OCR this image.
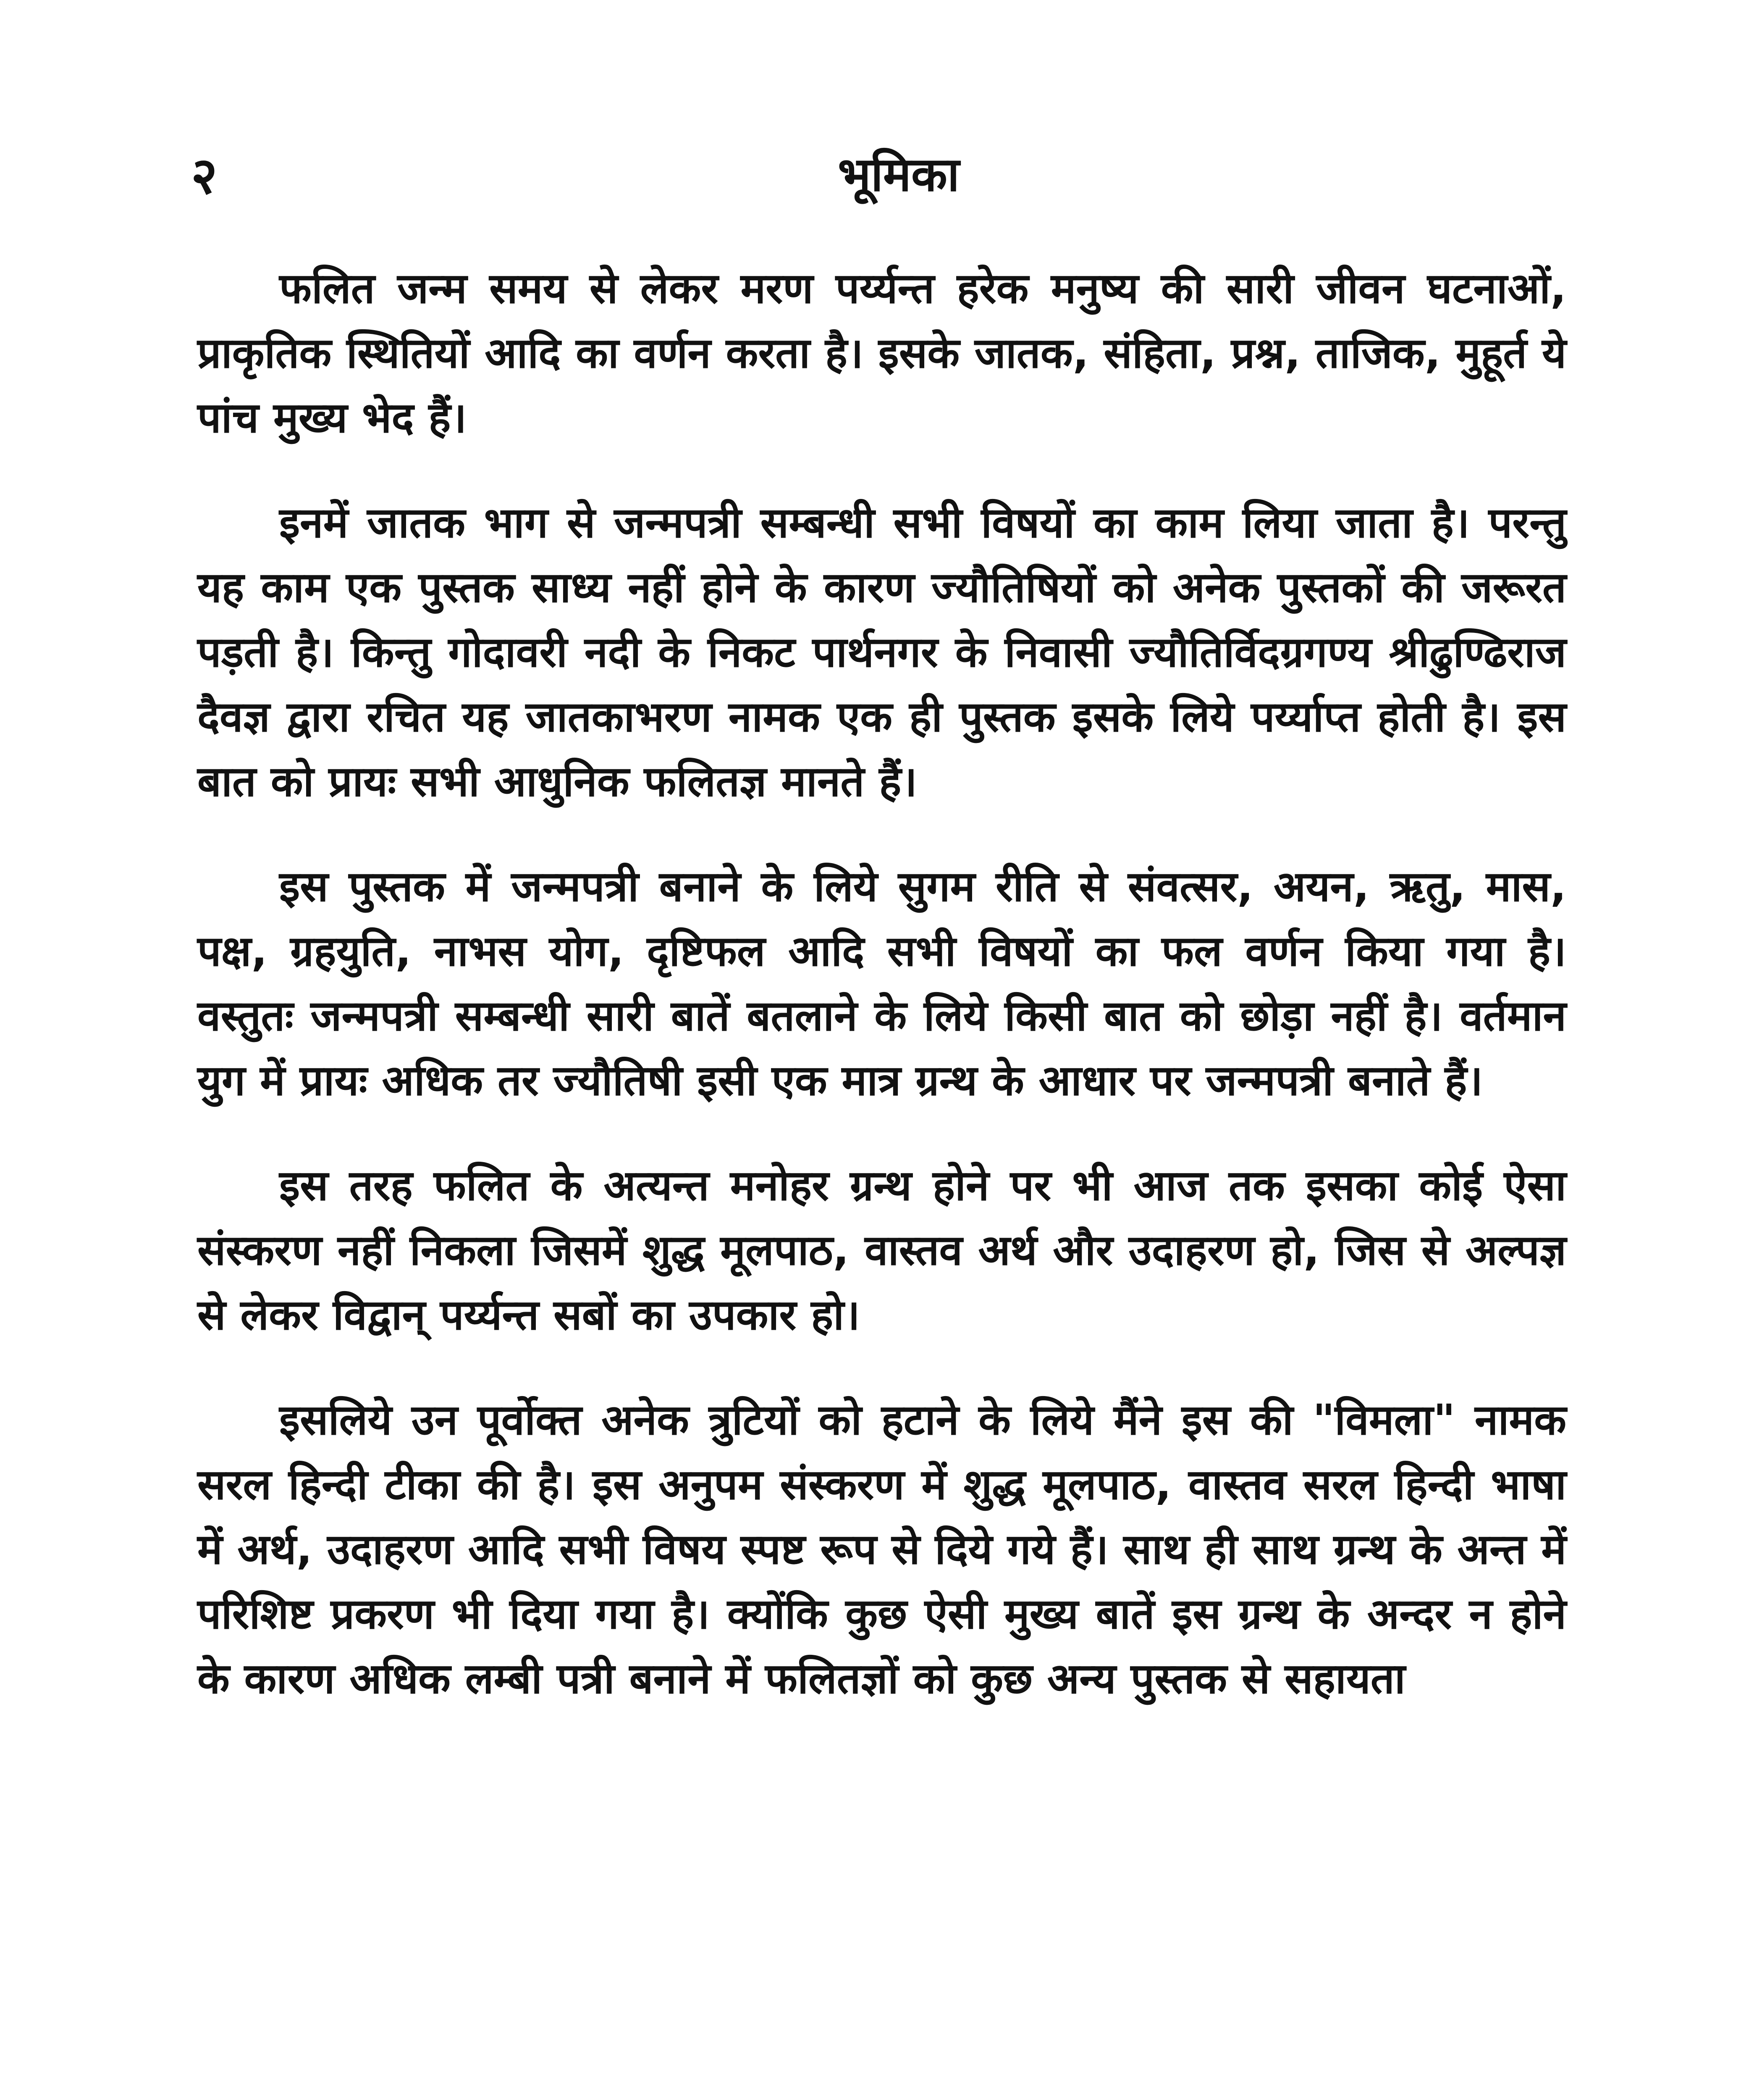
२	भूमिका

फलित जन्म समय से लेकर मरण पर्य्यन्त हरेक मनुष्य की सारी जीवन घटनाओं, प्राकृतिक स्थितियों आदि का वर्णन करता है। इसके जातक, संहिता, प्रश्न, ताजिक, मुहूर्त ये पांच मुख्य भेद हैं।

इनमें जातक भाग से जन्मपत्री सम्बन्धी सभी विषयों का काम लिया जाता है। परन्तु यह काम एक पुस्तक साध्य नहीं होने के कारण ज्यौतिषियों को अनेक पुस्तकों की जरूरत पड़ती है। किन्तु गोदावरी नदी के निकट पार्थनगर के निवासी ज्यौतिर्विदग्रगण्य श्रीढुण्ढिराज दैवज्ञ द्वारा रचित यह जातकाभरण नामक एक ही पुस्तक इसके लिये पर्य्याप्त होती है। इस बात को प्रायः सभी आधुनिक फलितज्ञ मानते हैं।

इस पुस्तक में जन्मपत्री बनाने के लिये सुगम रीति से संवत्सर, अयन, ऋतु, मास, पक्ष, ग्रहयुति, नाभस योग, दृष्टिफल आदि सभी विषयों का फल वर्णन किया गया है। वस्तुतः जन्मपत्री सम्बन्धी सारी बातें बतलाने के लिये किसी बात को छोड़ा नहीं है। वर्तमान युग में प्रायः अधिक तर ज्यौतिषी इसी एक मात्र ग्रन्थ के आधार पर जन्मपत्री बनाते हैं।

इस तरह फलित के अत्यन्त मनोहर ग्रन्थ होने पर भी आज तक इसका कोई ऐसा संस्करण नहीं निकला जिसमें शुद्ध मूलपाठ, वास्तव अर्थ और उदाहरण हो, जिस से अल्पज्ञ से लेकर विद्वान् पर्य्यन्त सबों का उपकार हो।

इसलिये उन पूर्वोक्त अनेक त्रुटियों को हटाने के लिये मैंने इस की "विमला" नामक सरल हिन्दी टीका की है। इस अनुपम संस्करण में शुद्ध मूलपाठ, वास्तव सरल हिन्दी भाषा में अर्थ, उदाहरण आदि सभी विषय स्पष्ट रूप से दिये गये हैं। साथ ही साथ ग्रन्थ के अन्त में परिशिष्ट प्रकरण भी दिया गया है। क्योंकि कुछ ऐसी मुख्य बातें इस ग्रन्थ के अन्दर न होने के कारण अधिक लम्बी पत्री बनाने में फलितज्ञों को कुछ अन्य पुस्तक से सहायता
